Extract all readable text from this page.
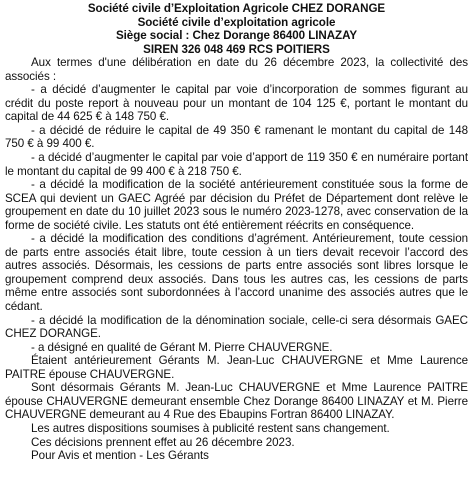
Société civile d’Exploitation Agricole CHEZ DORANGE
Société civile d’exploitation agricole
Siège social : Chez Dorange 86400 LINAZAY
SIREN 326 048 469 RCS POITIERS

Aux termes d'une délibération en date du 26 décembre 2023, la collectivité des associés :

- a décidé d’augmenter le capital par voie d’incorporation de sommes figurant au crédit du poste report à nouveau pour un montant de 104 125 €, portant le montant du capital de 44 625 € à 148 750 €.

- a décidé de réduire le capital de 49 350 € ramenant le montant du capital de 148 750 € à 99 400 €.

- a décidé d’augmenter le capital par voie d’apport de 119 350 € en numéraire portant le montant du capital de 99 400 € à 218 750 €.

- a décidé la modification de la société antérieurement constituée sous la forme de SCEA qui devient un GAEC Agréé par décision du Préfet de Département dont relève le groupement en date du 10 juillet 2023 sous le numéro 2023-1278, avec conservation de la forme de société civile. Les statuts ont été entièrement réécrits en conséquence.

- a décidé la modification des conditions d’agrément. Antérieurement, toute cession de parts entre associés était libre, toute cession à un tiers devait recevoir l’accord des autres associés. Désormais, les cessions de parts entre associés sont libres lorsque le groupement comprend deux associés. Dans tous les autres cas, les cessions de parts même entre associés sont subordonnées à l’accord unanime des associés autres que le cédant.

- a décidé la modification de la dénomination sociale, celle-ci sera désormais GAEC CHEZ DORANGE.

- a désigné en qualité de Gérant M. Pierre CHAUVERGNE.

Étaient antérieurement Gérants M. Jean-Luc CHAUVERGNE et Mme Laurence PAITRE épouse CHAUVERGNE.

Sont désormais Gérants M. Jean-Luc CHAUVERGNE et Mme Laurence PAITRE épouse CHAUVERGNE demeurant ensemble Chez Dorange 86400 LINAZAY et M. Pierre CHAUVERGNE demeurant au 4 Rue des Ebaupins Fortran 86400 LINAZAY.

Les autres dispositions soumises à publicité restent sans changement.

Ces décisions prennent effet au 26 décembre 2023.

Pour Avis et mention - Les Gérants
